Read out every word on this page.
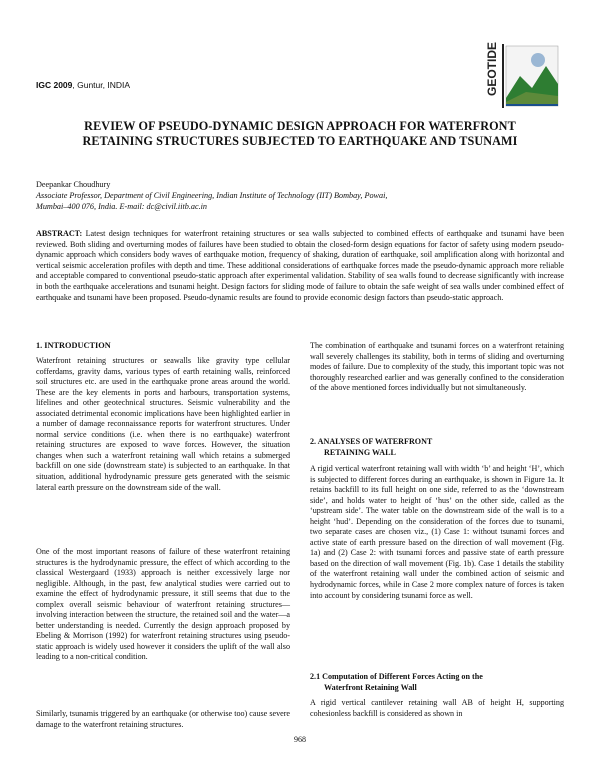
IGC 2009, Guntur, INDIA	GEOTIDE
REVIEW OF PSEUDO-DYNAMIC DESIGN APPROACH FOR WATERFRONT
RETAINING STRUCTURES SUBJECTED TO EARTHQUAKE AND TSUNAMI
Deepankar Choudhury
Associate Professor, Department of Civil Engineering, Indian Institute of Technology (IIT) Bombay, Powai,
Mumbai–400 076, India. E-mail: dc@civil.iitb.ac.in
ABSTRACT: Latest design techniques for waterfront retaining structures or sea walls subjected to combined effects of earthquake and tsunami have been reviewed. Both sliding and overturning modes of failures have been studied to obtain the closed-form design equations for factor of safety using modern pseudo-dynamic approach which considers body waves of earthquake motion, frequency of shaking, duration of earthquake, soil amplification along with horizontal and vertical seismic acceleration profiles with depth and time. These additional considerations of earthquake forces made the pseudo-dynamic approach more reliable and acceptable compared to conventional pseudo-static approach after experimental validation. Stability of sea walls found to decrease significantly with increase in both the earthquake accelerations and tsunami height. Design factors for sliding mode of failure to obtain the safe weight of sea walls under combined effect of earthquake and tsunami have been proposed. Pseudo-dynamic results are found to provide economic design factors than pseudo-static approach.
1. INTRODUCTION

Waterfront retaining structures or seawalls like gravity type cellular cofferdams, gravity dams, various types of earth retaining walls, reinforced soil structures etc. are used in the earthquake prone areas around the world. These are the key elements in ports and harbours, transportation systems, lifelines and other geotechnical structures. Seismic vulnerability and the associated detrimental economic implications have been highlighted earlier in a number of damage reconnaissance reports for waterfront structures. Under normal service conditions (i.e. when there is no earthquake) waterfront retaining structures are exposed to wave forces. However, the situation changes when such a waterfront retaining wall which retains a submerged backfill on one side (downstream state) is subjected to an earthquake. In that situation, additional hydrodynamic pressure gets generated with the seismic lateral earth pressure on the downstream side of the wall.

One of the most important reasons of failure of these waterfront retaining structures is the hydrodynamic pressure, the effect of which according to the classical Westergaard (1933) approach is neither excessively large nor negligible. Although, in the past, few analytical studies were carried out to examine the effect of hydrodynamic pressure, it still seems that due to the complex overall seismic behaviour of waterfront retaining structures—involving interaction between the structure, the retained soil and the water—a better understanding is needed. Currently the design approach proposed by Ebeling & Morrison (1992) for waterfront retaining structures using pseudo-static approach is widely used however it considers the uplift of the wall also leading to a non-critical condition.

Similarly, tsunamis triggered by an earthquake (or otherwise too) cause severe damage to the waterfront retaining structures.

The combination of earthquake and tsunami forces on a waterfront retaining wall severely challenges its stability, both in terms of sliding and overturning modes of failure. Due to complexity of the study, this important topic was not thoroughly researched earlier and was generally confined to the consideration of the above mentioned forces individually but not simultaneously.

2. ANALYSES OF WATERFRONT
RETAINING WALL

A rigid vertical waterfront retaining wall with width ‘b’ and height ‘H’, which is subjected to different forces during an earthquake, is shown in Figure 1a. It retains backfill to its full height on one side, referred to as the ‘downstream side’, and holds water to height of ‘hus’ on the other side, called as the ‘upstream side’. The water table on the downstream side of the wall is to a height ‘hud’. Depending on the consideration of the forces due to tsunami, two separate cases are chosen viz., (1) Case 1: without tsunami forces and active state of earth pressure based on the direction of wall movement (Fig. 1a) and (2) Case 2: with tsunami forces and passive state of earth pressure based on the direction of wall movement (Fig. 1b). Case 1 details the stability of the waterfront retaining wall under the combined action of seismic and hydrodynamic forces, while in Case 2 more complex nature of forces is taken into account by considering tsunami force as well.

2.1 Computation of Different Forces Acting on the
Waterfront Retaining Wall

A rigid vertical cantilever retaining wall AB of height H, supporting cohesionless backfill is considered as shown in

968
